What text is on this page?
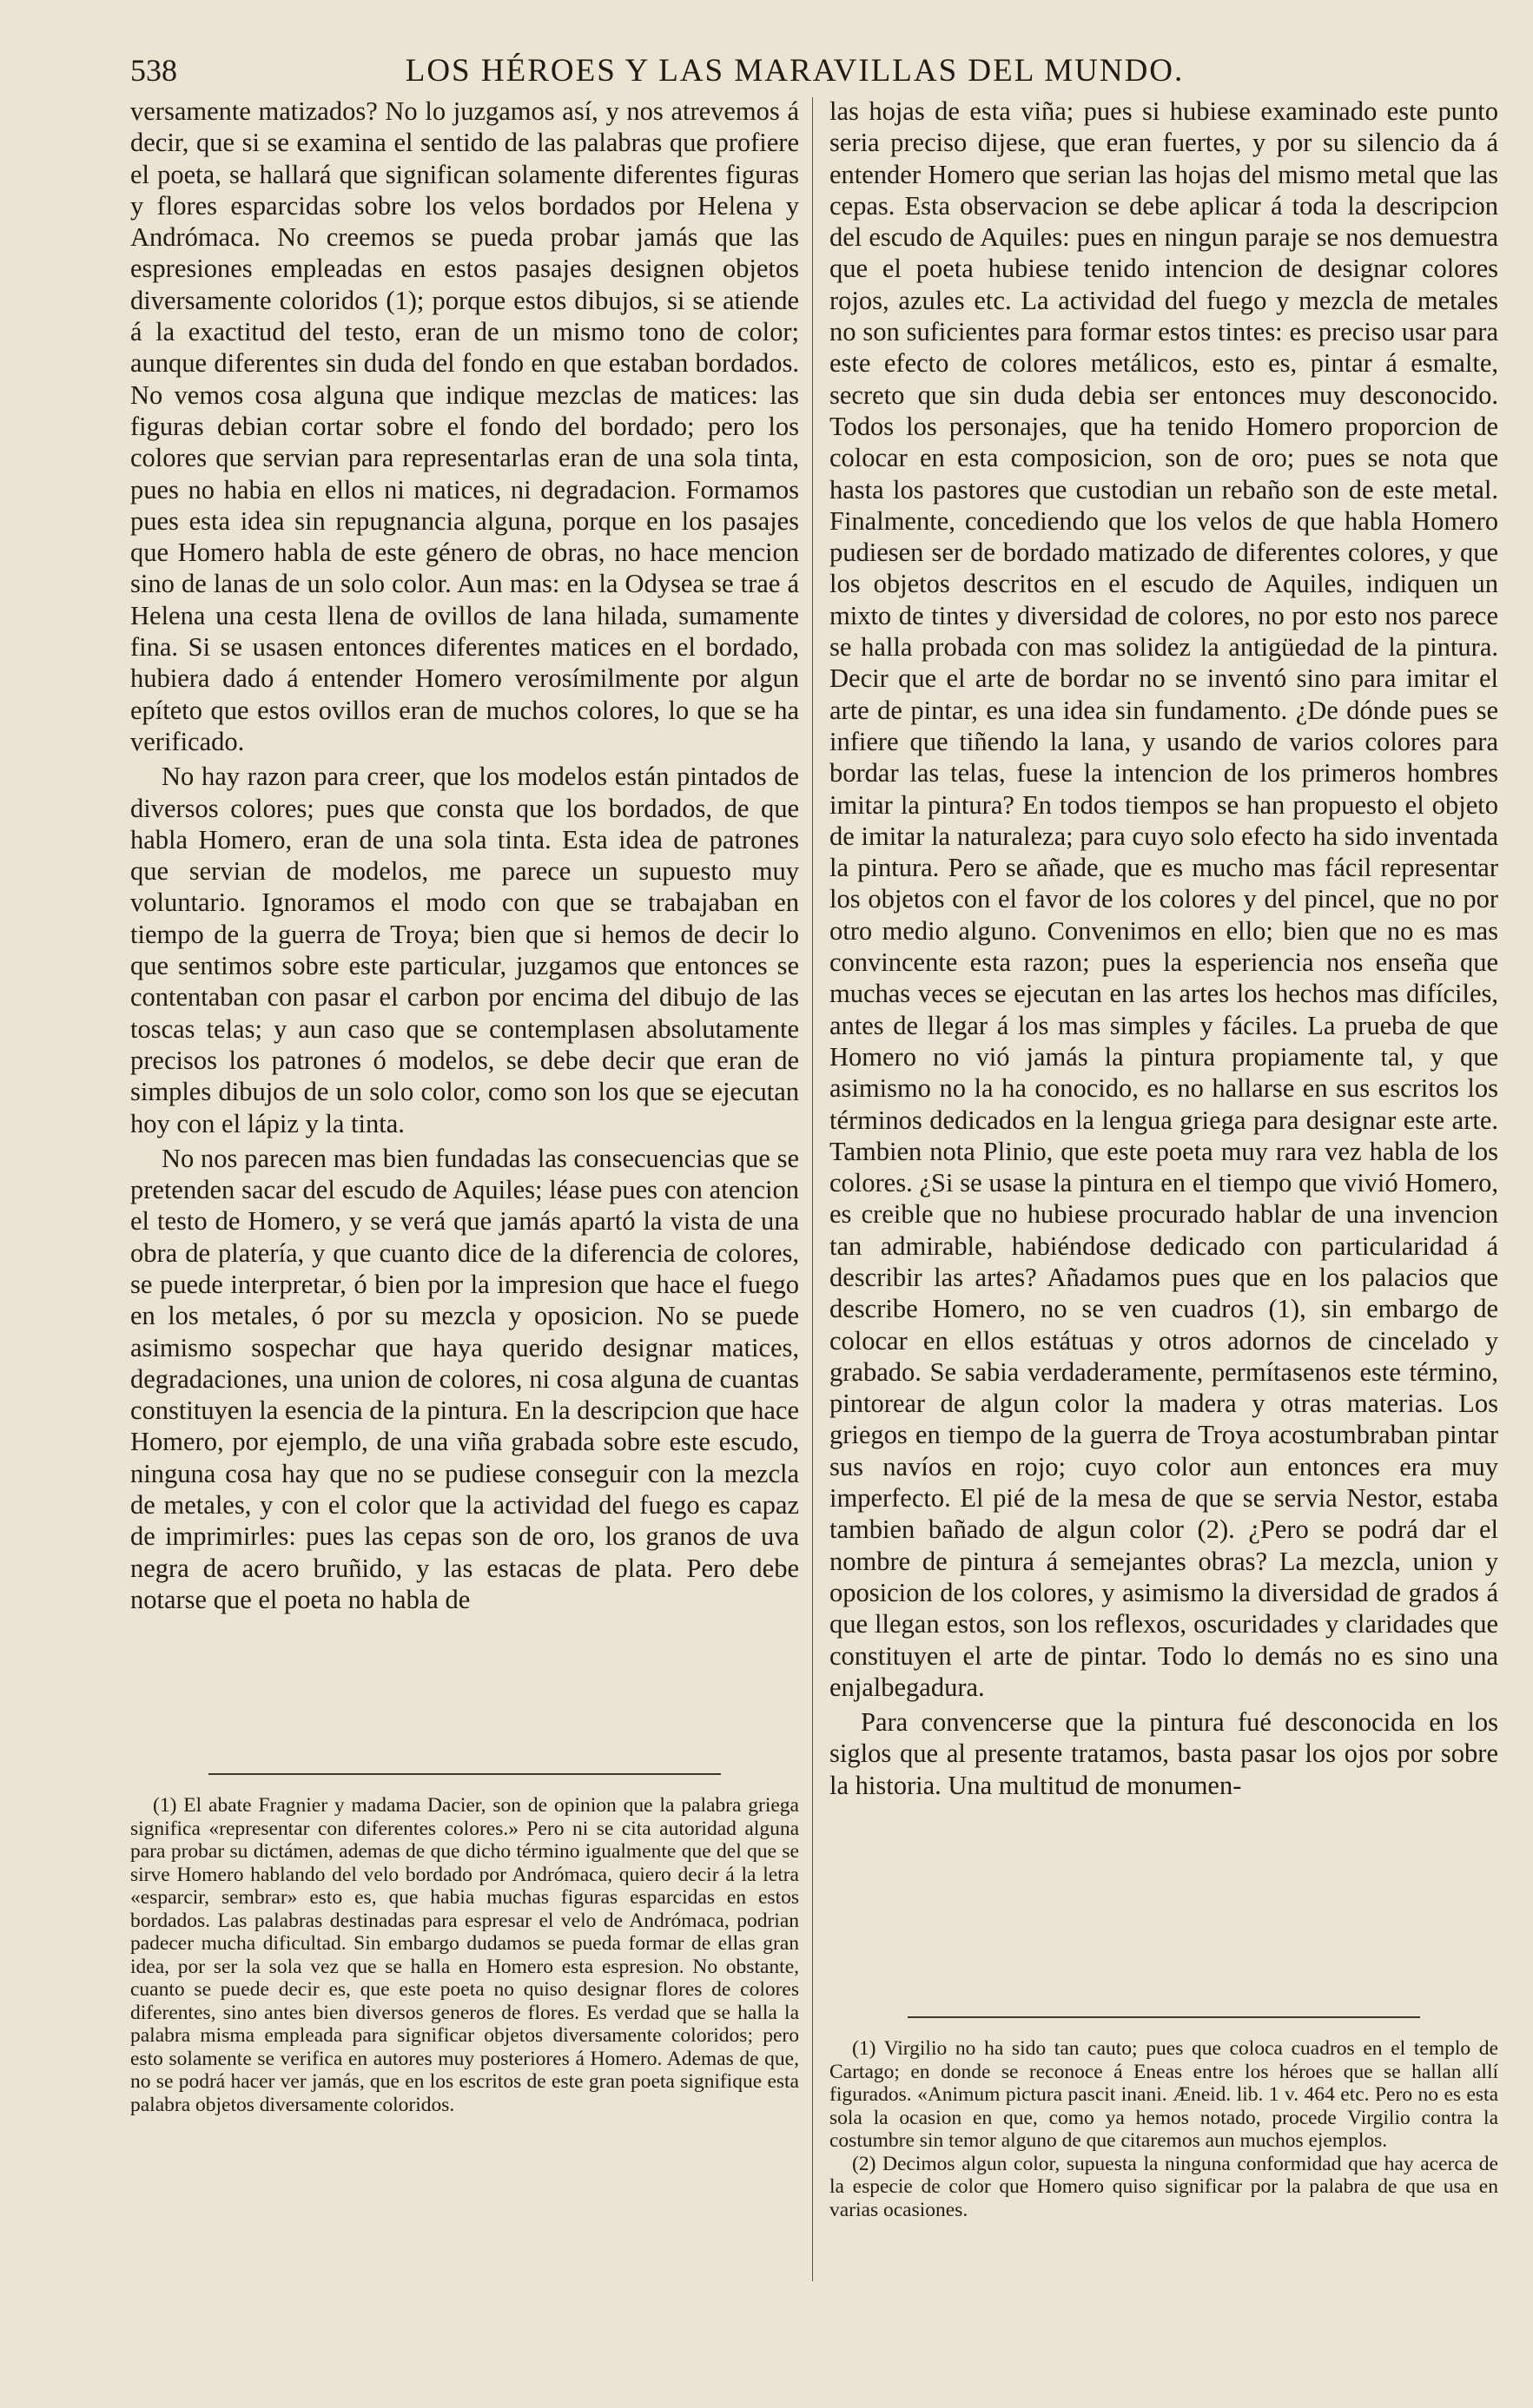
538	LOS HÉROES Y LAS MARAVILLAS DEL MUNDO.

versamente matizados? No lo juzgamos así, y nos atrevemos á decir, que si se examina el sentido de las palabras que profiere el poeta, se hallará que significan solamente diferentes figuras y flores esparcidas sobre los velos bordados por Helena y Andrómaca. No creemos se pueda probar jamás que las espresiones empleadas en estos pasajes designen objetos diversamente coloridos (1); porque estos dibujos, si se atiende á la exactitud del testo, eran de un mismo tono de color; aunque diferentes sin duda del fondo en que estaban bordados. No vemos cosa alguna que indique mezclas de matices: las figuras debian cortar sobre el fondo del bordado; pero los colores que servian para representarlas eran de una sola tinta, pues no habia en ellos ni matices, ni degradacion. Formamos pues esta idea sin repugnancia alguna, porque en los pasajes que Homero habla de este género de obras, no hace mencion sino de lanas de un solo color. Aun mas: en la Odysea se trae á Helena una cesta llena de ovillos de lana hilada, sumamente fina. Si se usasen entonces diferentes matices en el bordado, hubiera dado á entender Homero verosímilmente por algun epíteto que estos ovillos eran de muchos colores, lo que se ha verificado.

No hay razon para creer, que los modelos están pintados de diversos colores; pues que consta que los bordados, de que habla Homero, eran de una sola tinta. Esta idea de patrones que servian de modelos, me parece un supuesto muy voluntario. Ignoramos el modo con que se trabajaban en tiempo de la guerra de Troya; bien que si hemos de decir lo que sentimos sobre este particular, juzgamos que entonces se contentaban con pasar el carbon por encima del dibujo de las toscas telas; y aun caso que se contemplasen absolutamente precisos los patrones ó modelos, se debe decir que eran de simples dibujos de un solo color, como son los que se ejecutan hoy con el lápiz y la tinta.

No nos parecen mas bien fundadas las consecuencias que se pretenden sacar del escudo de Aquiles; léase pues con atencion el testo de Homero, y se verá que jamás apartó la vista de una obra de platería, y que cuanto dice de la diferencia de colores, se puede interpretar, ó bien por la impresion que hace el fuego en los metales, ó por su mezcla y oposicion. No se puede asimismo sospechar que haya querido designar matices, degradaciones, una union de colores, ni cosa alguna de cuantas constituyen la esencia de la pintura. En la descripcion que hace Homero, por ejemplo, de una viña grabada sobre este escudo, ninguna cosa hay que no se pudiese conseguir con la mezcla de metales, y con el color que la actividad del fuego es capaz de imprimirles: pues las cepas son de oro, los granos de uva negra de acero bruñido, y las estacas de plata. Pero debe notarse que el poeta no habla de

(1) El abate Fragnier y madama Dacier, son de opinion que la palabra griega significa «representar con diferentes colores.» Pero ni se cita autoridad alguna para probar su dictámen, ademas de que dicho término igualmente que del que se sirve Homero hablando del velo bordado por Andrómaca, quiero decir á la letra «esparcir, sembrar» esto es, que habia muchas figuras esparcidas en estos bordados. Las palabras destinadas para espresar el velo de Andrómaca, podrian padecer mucha dificultad. Sin embargo dudamos se pueda formar de ellas gran idea, por ser la sola vez que se halla en Homero esta espresion. No obstante, cuanto se puede decir es, que este poeta no quiso designar flores de colores diferentes, sino antes bien diversos generos de flores. Es verdad que se halla la palabra misma empleada para significar objetos diversamente coloridos; pero esto solamente se verifica en autores muy posteriores á Homero. Ademas de que, no se podrá hacer ver jamás, que en los escritos de este gran poeta signifique esta palabra objetos diversamente coloridos.

las hojas de esta viña; pues si hubiese examinado este punto seria preciso dijese, que eran fuertes, y por su silencio da á entender Homero que serian las hojas del mismo metal que las cepas. Esta observacion se debe aplicar á toda la descripcion del escudo de Aquiles: pues en ningun paraje se nos demuestra que el poeta hubiese tenido intencion de designar colores rojos, azules etc. La actividad del fuego y mezcla de metales no son suficientes para formar estos tintes: es preciso usar para este efecto de colores metálicos, esto es, pintar á esmalte, secreto que sin duda debia ser entonces muy desconocido. Todos los personajes, que ha tenido Homero proporcion de colocar en esta composicion, son de oro; pues se nota que hasta los pastores que custodian un rebaño son de este metal. Finalmente, concediendo que los velos de que habla Homero pudiesen ser de bordado matizado de diferentes colores, y que los objetos descritos en el escudo de Aquiles, indiquen un mixto de tintes y diversidad de colores, no por esto nos parece se halla probada con mas solidez la antigüedad de la pintura. Decir que el arte de bordar no se inventó sino para imitar el arte de pintar, es una idea sin fundamento. ¿De dónde pues se infiere que tiñendo la lana, y usando de varios colores para bordar las telas, fuese la intencion de los primeros hombres imitar la pintura? En todos tiempos se han propuesto el objeto de imitar la naturaleza; para cuyo solo efecto ha sido inventada la pintura. Pero se añade, que es mucho mas fácil representar los objetos con el favor de los colores y del pincel, que no por otro medio alguno. Convenimos en ello; bien que no es mas convincente esta razon; pues la esperiencia nos enseña que muchas veces se ejecutan en las artes los hechos mas difíciles, antes de llegar á los mas simples y fáciles. La prueba de que Homero no vió jamás la pintura propiamente tal, y que asimismo no la ha conocido, es no hallarse en sus escritos los términos dedicados en la lengua griega para designar este arte. Tambien nota Plinio, que este poeta muy rara vez habla de los colores. ¿Si se usase la pintura en el tiempo que vivió Homero, es creible que no hubiese procurado hablar de una invencion tan admirable, habiéndose dedicado con particularidad á describir las artes? Añadamos pues que en los palacios que describe Homero, no se ven cuadros (1), sin embargo de colocar en ellos estátuas y otros adornos de cincelado y grabado. Se sabia verdaderamente, permítasenos este término, pintorear de algun color la madera y otras materias. Los griegos en tiempo de la guerra de Troya acostumbraban pintar sus navíos en rojo; cuyo color aun entonces era muy imperfecto. El pié de la mesa de que se servia Nestor, estaba tambien bañado de algun color (2). ¿Pero se podrá dar el nombre de pintura á semejantes obras? La mezcla, union y oposicion de los colores, y asimismo la diversidad de grados á que llegan estos, son los reflexos, oscuridades y claridades que constituyen el arte de pintar. Todo lo demás no es sino una enjalbegadura.

Para convencerse que la pintura fué desconocida en los siglos que al presente tratamos, basta pasar los ojos por sobre la historia. Una multitud de monumen-

(1) Virgilio no ha sido tan cauto; pues que coloca cuadros en el templo de Cartago; en donde se reconoce á Eneas entre los héroes que se hallan allí figurados. «Animum pictura pascit inani. Æneid. lib. 1 v. 464 etc. Pero no es esta sola la ocasion en que, como ya hemos notado, procede Virgilio contra la costumbre sin temor alguno de que citaremos aun muchos ejemplos.

(2) Decimos algun color, supuesta la ninguna conformidad que hay acerca de la especie de color que Homero quiso significar por la palabra de que usa en varias ocasiones.
